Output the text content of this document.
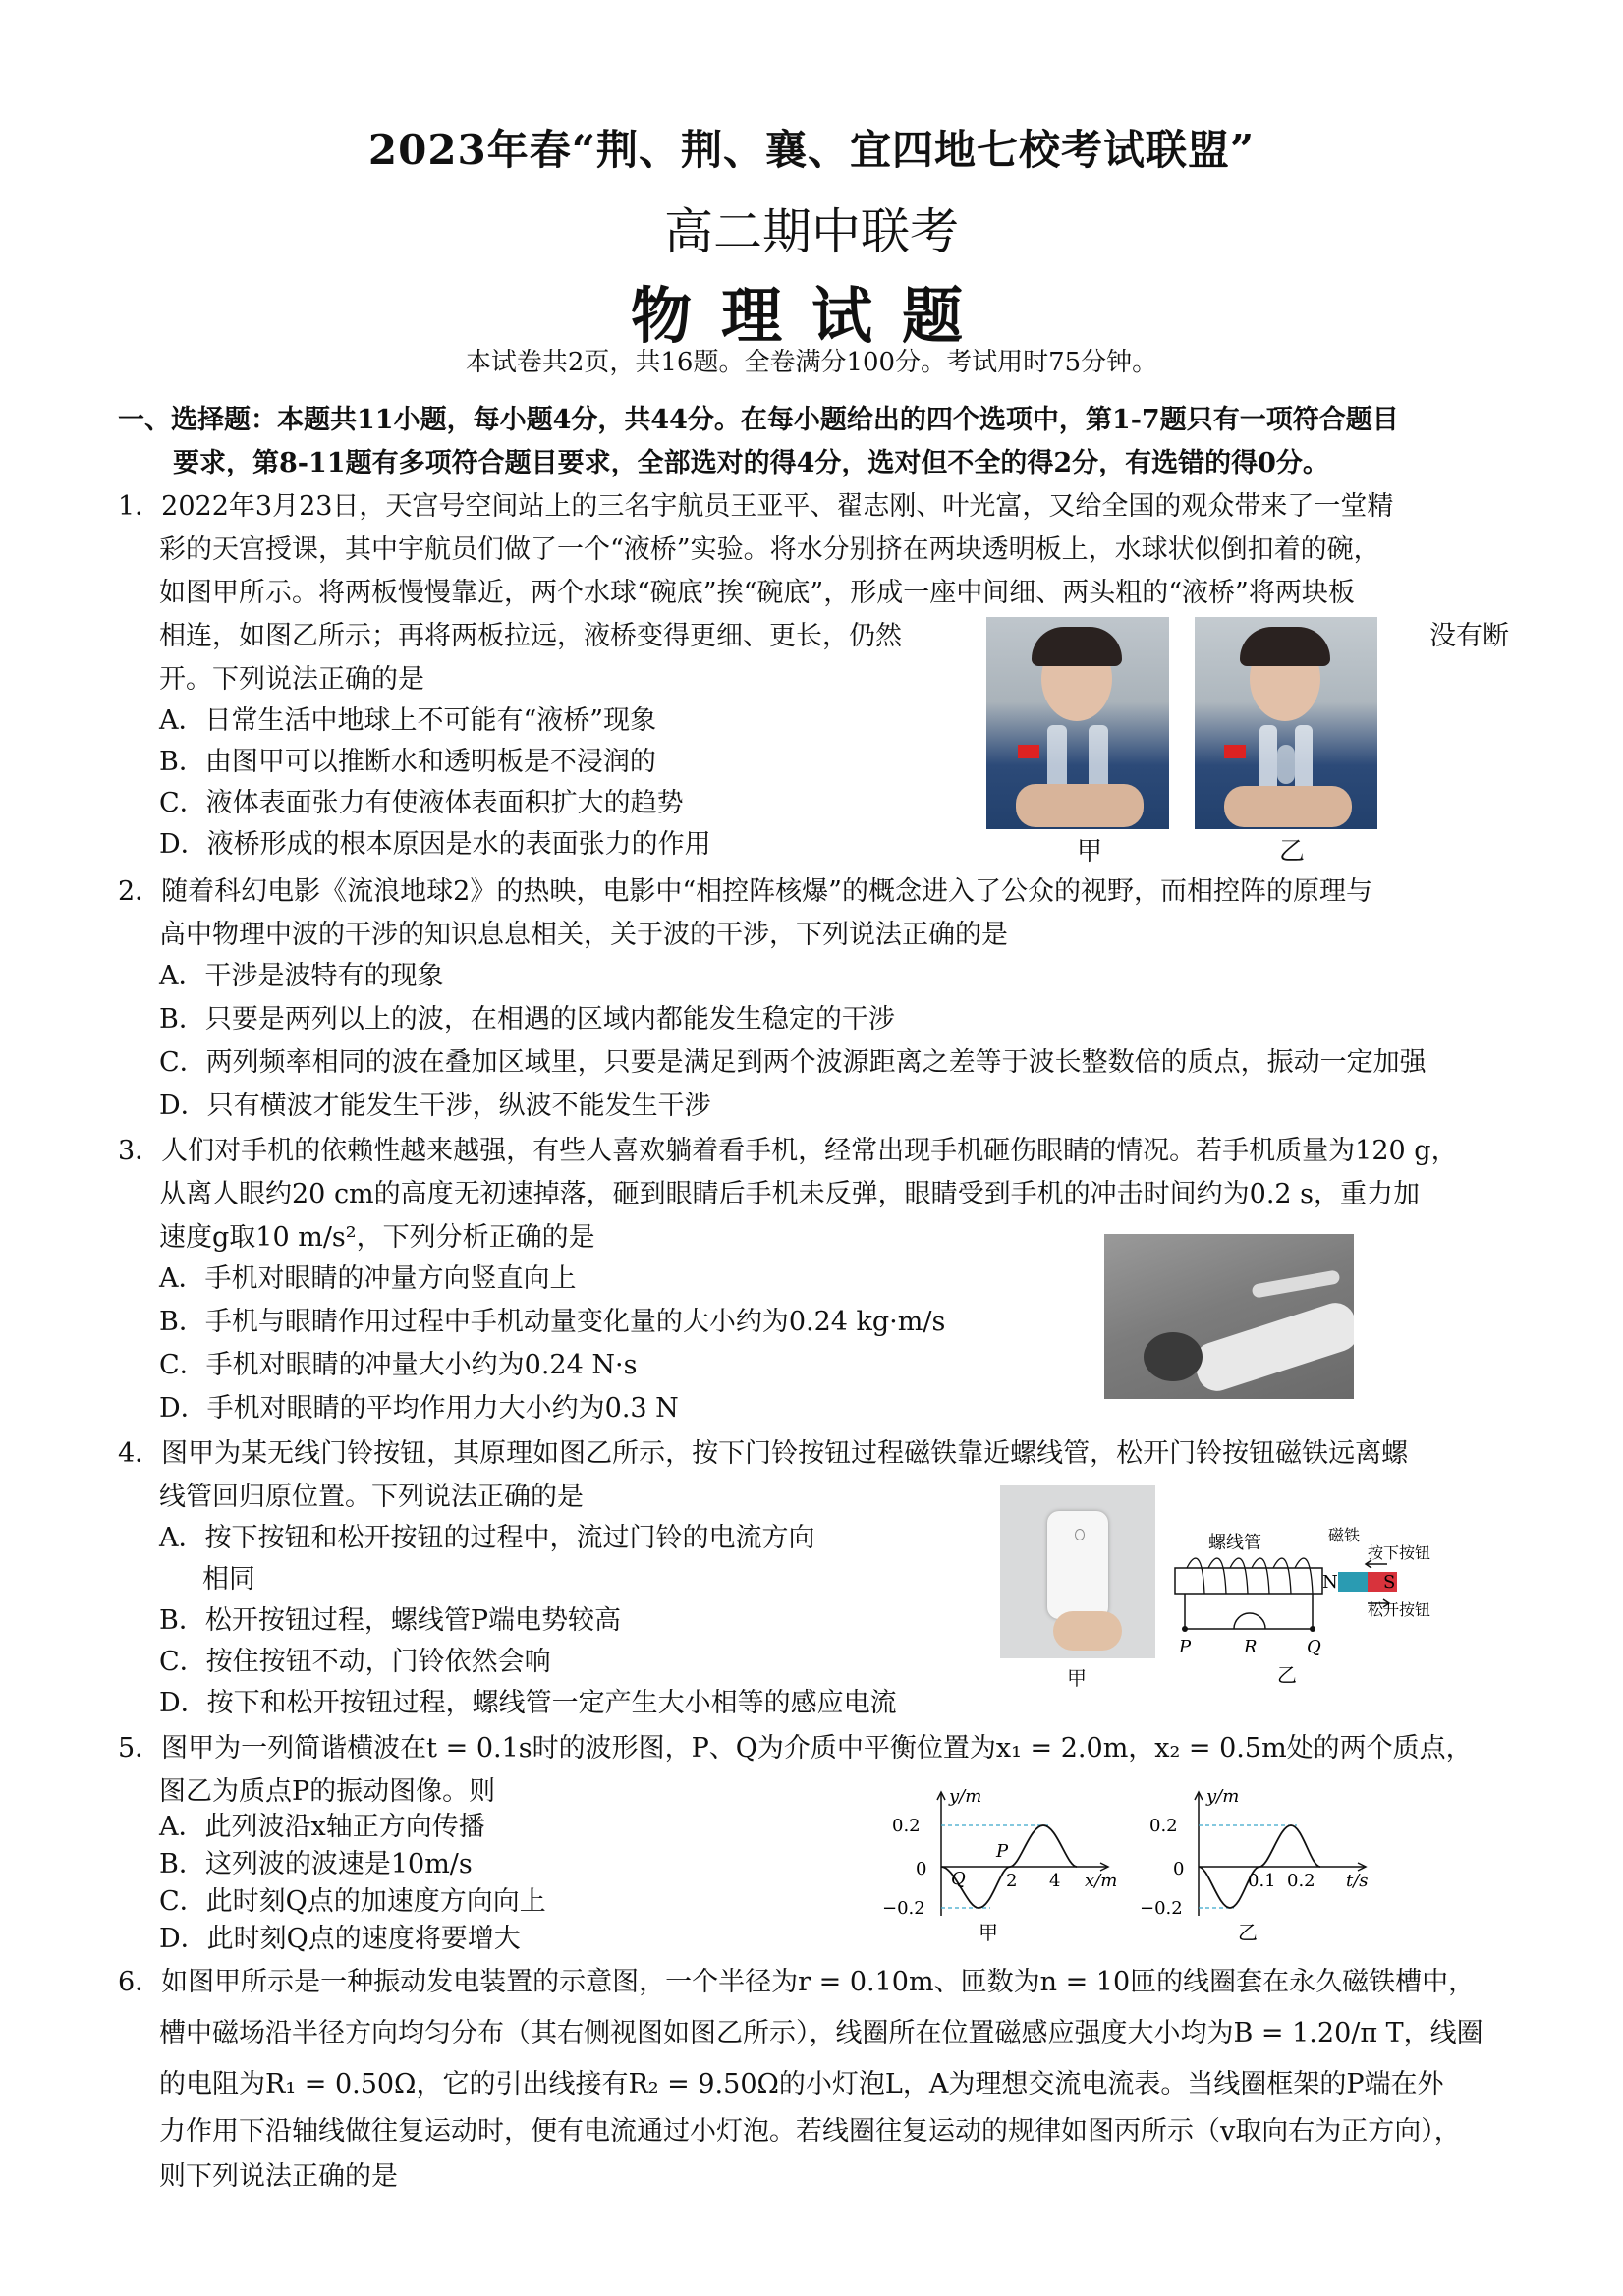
2023年春“荆、荆、襄、宜四地七校考试联盟”
高二期中联考
物理试题
本试卷共2页，共16题。全卷满分100分。考试用时75分钟。
一、选择题：本题共11小题，每小题4分，共44分。在每小题给出的四个选项中，第1-7题只有一项符合题目
要求，第8-11题有多项符合题目要求，全部选对的得4分，选对但不全的得2分，有选错的得0分。
1．2022年3月23日，天宫号空间站上的三名宇航员王亚平、翟志刚、叶光富，又给全国的观众带来了一堂精
彩的天宫授课，其中宇航员们做了一个“液桥”实验。将水分别挤在两块透明板上，水球状似倒扣着的碗，
如图甲所示。将两板慢慢靠近，两个水球“碗底”挨“碗底”，形成一座中间细、两头粗的“液桥”将两块板
相连，如图乙所示；再将两板拉远，液桥变得更细、更长，仍然	没有断
开。下列说法正确的是
A．日常生活中地球上不可能有“液桥”现象
B．由图甲可以推断水和透明板是不浸润的
C．液体表面张力有使液体表面积扩大的趋势
D．液桥形成的根本原因是水的表面张力的作用	甲	乙
2．随着科幻电影《流浪地球2》的热映，电影中“相控阵核爆”的概念进入了公众的视野，而相控阵的原理与
高中物理中波的干涉的知识息息相关，关于波的干涉，下列说法正确的是
A．干涉是波特有的现象
B．只要是两列以上的波，在相遇的区域内都能发生稳定的干涉
C．两列频率相同的波在叠加区域里，只要是满足到两个波源距离之差等于波长整数倍的质点，振动一定加强
D．只有横波才能发生干涉，纵波不能发生干涉
3．人们对手机的依赖性越来越强，有些人喜欢躺着看手机，经常出现手机砸伤眼睛的情况。若手机质量为120 g，
从离人眼约20 cm的高度无初速掉落，砸到眼睛后手机未反弹，眼睛受到手机的冲击时间约为0.2 s，重力加
速度g取10 m/s²，下列分析正确的是
A．手机对眼睛的冲量方向竖直向上
B．手机与眼睛作用过程中手机动量变化量的大小约为0.24 kg·m/s
C．手机对眼睛的冲量大小约为0.24 N·s
D．手机对眼睛的平均作用力大小约为0.3 N
4．图甲为某无线门铃按钮，其原理如图乙所示，按下门铃按钮过程磁铁靠近螺线管，松开门铃按钮磁铁远离螺
线管回归原位置。下列说法正确的是
A．按下按钮和松开按钮的过程中，流过门铃的电流方向
相同
B．松开按钮过程，螺线管P端电势较高
C．按住按钮不动，门铃依然会响
D．按下和松开按钮过程，螺线管一定产生大小相等的感应电流
甲
螺线管	磁铁
按下按钮
N	S
松开按钮
P	R	Q
乙
5．图甲为一列简谐横波在t = 0.1s时的波形图，P、Q为介质中平衡位置为x₁ = 2.0m，x₂ = 0.5m处的两个质点，
图乙为质点P的振动图像。则
A．此列波沿x轴正方向传播
B．这列波的波速是10m/s
C．此时刻Q点的加速度方向向上
D．此时刻Q点的速度将要增大
y/m
x/m
0.2
−0.2
0
2 4
P
Q
甲
y/m
t/s
0.2
−0.2
0
0.1 0.2
乙
6．如图甲所示是一种振动发电装置的示意图，一个半径为r = 0.10m、匝数为n = 10匝的线圈套在永久磁铁槽中，
槽中磁场沿半径方向均匀分布（其右侧视图如图乙所示），线圈所在位置磁感应强度大小均为B = 1.20/π T，线圈
的电阻为R₁ = 0.50Ω，它的引出线接有R₂ = 9.50Ω的小灯泡L，A为理想交流电流表。当线圈框架的P端在外
力作用下沿轴线做往复运动时，便有电流通过小灯泡。若线圈往复运动的规律如图丙所示（v取向右为正方向），
则下列说法正确的是
